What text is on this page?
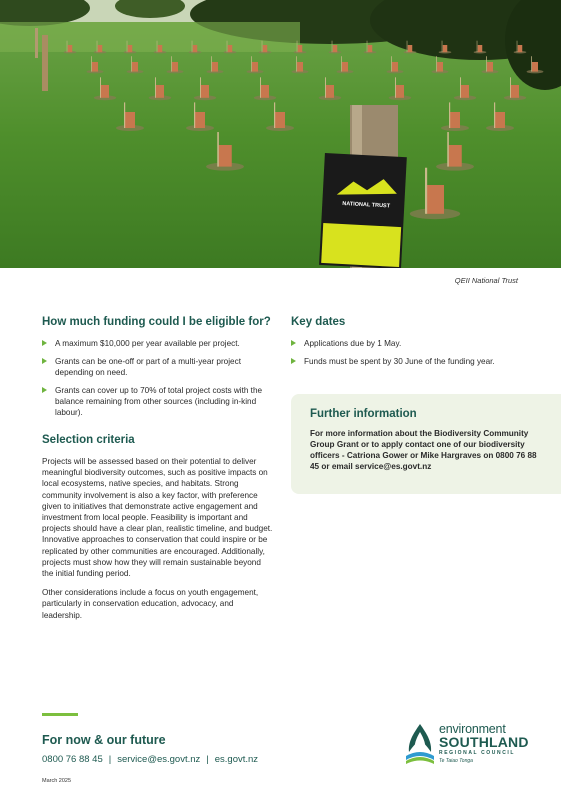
NATIONAL TRUST
QEII National Trust
How much funding could I be eligible for?
A maximum $10,000 per year available per project.
Grants can be one-off or part of a multi-year project depending on need.
Grants can cover up to 70% of total project costs with the balance remaining from other sources (including in-kind labour).
Selection criteria

Projects will be assessed based on their potential to deliver meaningful biodiversity outcomes, such as positive impacts on local ecosystems, native species, and habitats. Strong community involvement is also a key factor, with preference given to initiatives that demonstrate active engagement and investment from local people. Feasibility is important and projects should have a clear plan, realistic timeline, and budget. Innovative approaches to conservation that could inspire or be replicated by other communities are encouraged. Additionally, projects must show how they will remain sustainable beyond the initial funding period.

Other considerations include a focus on youth engagement, particularly in conservation education, advocacy, and leadership.

Key dates
Applications due by 1 May.
Funds must be spent by 30 June of the funding year.
Further information

For more information about the Biodiversity Community Group Grant or to apply contact one of our biodiversity officers - Catriona Gower or Mike Hargraves on 0800 76 88 45 or email service@es.govt.nz

For now & our future
0800 76 88 45 | service@es.govt.nz | es.govt.nz
March 2025
environment
SOUTHLAND
REGIONAL COUNCIL
Te Taiao Tonga
